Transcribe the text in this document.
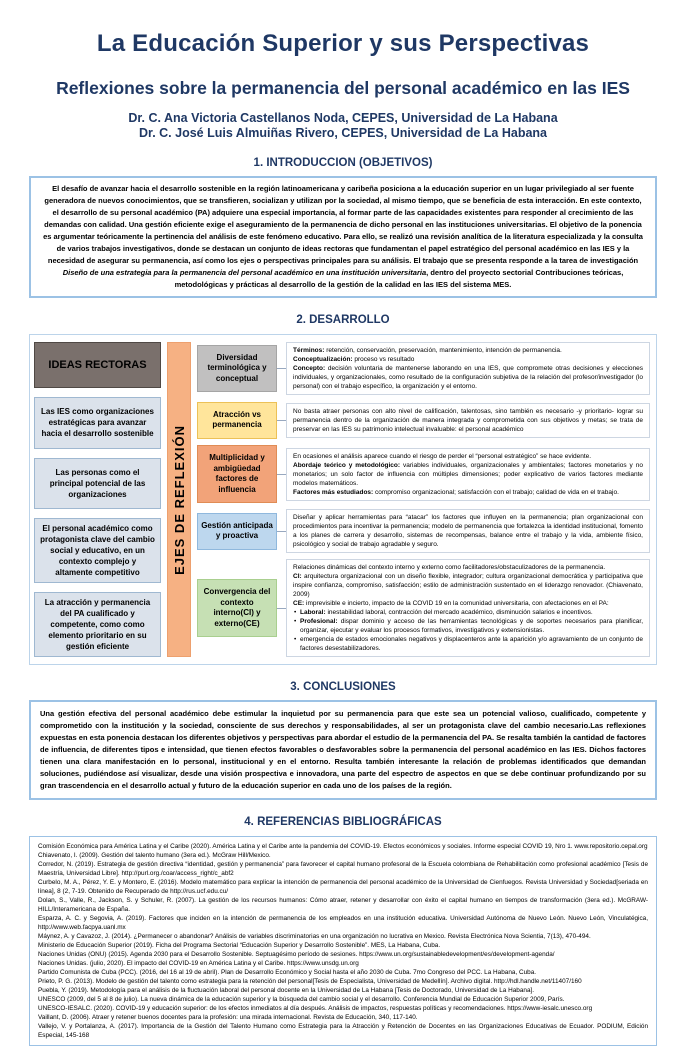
La Educación Superior y sus Perspectivas
Reflexiones sobre la permanencia del personal académico en las IES
Dr. C. Ana Victoria Castellanos Noda, CEPES, Universidad de La Habana
Dr. C. José Luis Almuiñas Rivero, CEPES, Universidad de La Habana
1. INTRODUCCION (OBJETIVOS)
El desafío de avanzar hacia el desarrollo sostenible en la región latinoamericana y caribeña posiciona a la educación superior en un lugar privilegiado al ser fuente generadora de nuevos conocimientos, que se transfieren, socializan y utilizan por la sociedad, al mismo tiempo, que se beneficia de esta interacción. En este contexto, el desarrollo de su personal académico (PA) adquiere una especial importancia, al formar parte de las capacidades existentes para responder al crecimiento de las demandas con calidad. Una gestión eficiente exige el aseguramiento de la permanencia de dicho personal en las instituciones universitarias. El objetivo de la ponencia es argumentar teóricamente la pertinencia del análisis de este fenómeno educativo. Para ello, se realizó una revisión analítica de la literatura especializada y la consulta de varios trabajos investigativos, donde se destacan un conjunto de ideas rectoras que fundamentan el papel estratégico del personal académico en las IES y la necesidad de asegurar su permanencia, así como los ejes o perspectivas principales para su análisis. El trabajo que se presenta responde a la tarea de investigación Diseño de una estrategia para la permanencia del personal académico en una institución universitaria, dentro del proyecto sectorial Contribuciones teóricas, metodológicas y prácticas al desarrollo de la gestión de la calidad en las IES del sistema MES.
2. DESARROLLO
IDEAS RECTORAS
Las IES como organizaciones estratégicas para avanzar hacia el desarrollo sostenible
Las personas como el principal potencial de las organizaciones
El personal académico como protagonista clave del cambio social y educativo, en un contexto complejo y altamente competitivo
La atracción y permanencia del PA cualificado y competente, como como elemento prioritario en su gestión eficiente
EJES DE REFLEXIÓN
Diversidad terminológica y conceptual

Términos: retención, conservación, preservación, mantenimiento, intención de permanencia.

Conceptualización: proceso vs resultado

Concepto: decisión voluntaria de mantenerse laborando en una IES, que compromete otras decisiones y elecciones individuales, y organizacionales, como resultado de la configuración subjetiva de la relación del profesor/investigador (lo personal) con el trabajo específico, la organización y el entorno.

Atracción vs permanencia

No basta atraer personas con alto nivel de calificación, talentosas, sino también es necesario -y prioritario- lograr su permanencia dentro de la organización de manera integrada y comprometida con sus objetivos y metas; se trata de preservar en las IES su patrimonio intelectual invaluable: el personal académico

Multiplicidad y ambigüedad factores de influencia

En ocasiones el análisis aparece cuando el riesgo de perder el “personal estratégico” se hace evidente.

Abordaje teórico y metodológico: variables individuales, organizacionales y ambientales; factores monetarios y no monetarios; un solo factor de influencia con múltiples dimensiones; poder explicativo de varios factores mediante modelos matemáticos.

Factores más estudiados: compromiso organizacional; satisfacción con el trabajo; calidad de vida en el trabajo.

Gestión anticipada y proactiva

Diseñar y aplicar herramientas para “atacar” los factores que influyen en la permanencia; plan organizacional con procedimientos para incentivar la permanencia; modelo de permanencia que fortalezca la identidad institucional, fomento a los planes de carrera y desarrollo, sistemas de recompensas, balance entre el trabajo y la vida, ambiente físico, psicológico y social de trabajo agradable y seguro.

Convergencia del contexto interno(CI) y externo(CE)

Relaciones dinámicas del contexto interno y externo como facilitadores/obstaculizadores de la permanencia.

CI: arquitectura organizacional con un diseño flexible, integrador; cultura organizacional democrática y participativa que inspire confianza, compromiso, satisfacción; estilo de administración sustentado en el liderazgo renovador. (Chiavenato, 2009)

CE: imprevisible e incierto, impacto de la COVID 19 en la comunidad universitaria, con afectaciones en el PA:

• Laboral: inestabilidad laboral, contracción del mercado académico, disminución salarios e incentivos.

• Profesional: dispar dominio y acceso de las herramientas tecnológicas y de soportes necesarios para planificar, organizar, ejecutar y evaluar los procesos formativos, investigativos y extensionistas.

• emergencia de estados emocionales negativos y displacenteros ante la aparición y/o agravamiento de un conjunto de factores desestabilizadores.

3. CONCLUSIONES
Una gestión efectiva del personal académico debe estimular la inquietud por su permanencia para que este sea un potencial valioso, cualificado, competente y comprometido con la institución y la sociedad, consciente de sus derechos y responsabilidades, al ser un protagonista clave del cambio necesario.Las reflexiones expuestas en esta ponencia destacan los diferentes objetivos y perspectivas para abordar el estudio de la permanencia del PA. Se resalta también la cantidad de factores de influencia, de diferentes tipos e intensidad, que tienen efectos favorables o desfavorables sobre la permanencia del personal académico en las IES. Dichos factores tienen una clara manifestación en lo personal, institucional y en el entorno. Resulta también interesante la relación de problemas identificados que demandan soluciones, pudiéndose así visualizar, desde una visión prospectiva e innovadora, una parte del espectro de aspectos en que se debe continuar profundizando por su gran trascendencia en el desarrollo actual y futuro de la educación superior en cada uno de los países de la región.
4. REFERENCIAS BIBLIOGRÁFICAS
Comisión Económica para América Latina y el Caribe (2020). América Latina y el Caribe ante la pandemia del COVID-19. Efectos económicos y sociales. Informe especial COVID 19, Nro 1. www.repositorio.cepal.org
Chiavenato, I. (2009). Gestión del talento humano (3era ed.). McGraw Hill/Mexico.
Corredor, N. (2019). Estrategia de gestión directiva “identidad, gestión y permanencia” para favorecer el capital humano profesoral de la Escuela colombiana de Rehabilitación como profesional académico [Tesis de Maestría, Universidad Libre]. http://purl.org./coar/access_right/c_abf2
Curbelo, M. A., Pérez, Y. E. y Montero, E. (2016). Modelo matemático para explicar la intención de permanencia del personal académico de la Universidad de Cienfuegos. Revista Universidad y Sociedad[seriada en línea], 8 (2, 7-19. Obtenido de Recuperado de http://rus.ucf.edu.cu/
Dolan, S., Valle, R., Jackson, S. y Schuler, R. (2007). La gestión de los recursos humanos: Cómo atraer, retener y desarrollar con éxito el capital humano en tiempos de transformación (3era ed.). McGRAW-HILL/Interamericana de España.
Esparza, A. C. y Segovia, A. (2019). Factores que inciden en la intención de permanencia de los empleados en una institución educativa. Universidad Autónoma de Nuevo León. Nuevo León, Vinculatégica, http://www.web.facpya.uanl.mx
Máynez, A. y Cavazoz, J. (2014). ¿Permanecer o abandonar? Análisis de variables discriminatorias en una organización no lucrativa en Mexico. Revista Electrónica Nova Scientia, 7(13), 470-494.
Ministerio de Educación Superior (2019). Ficha del Programa Sectorial “Educación Superior y Desarrollo Sostenible”. MES, La Habana, Cuba.
Naciones Unidas (ONU) (2015). Agenda 2030 para el Desarrollo Sostenible. Septuagésimo período de sesiones. https://www.un.org/sustainabledevelopment/es/development-agenda/
Naciones Unidas. (julio, 2020). El impacto del COVID-19 en América Latina y el Caribe. https://www.unsdg.un.org
Partido Comunista de Cuba (PCC). (2016, del 16 al 19 de abril). Plan de Desarrollo Económico y Social hasta el año 2030 de Cuba. 7mo Congreso del PCC. La Habana, Cuba.
Prieto, P. G. (2013). Modelo de gestión del talento como estrategia para la retención del personal[Tesis de Especialista, Universidad de Medellín]. Archivo digital. http://hdl.handle.net/11407/160
Puebla, Y. (2019). Metodología para el análisis de la fluctuación laboral del personal docente en la Universidad de La Habana [Tesis de Doctorado, Universidad de La Habana].
UNESCO (2009, del 5 al 8 de julio). La nueva dinámica de la educación superior y la búsqueda del cambio social y el desarrollo. Conferencia Mundial de Educación Superior 2009, París.
UNESCO-IESALC. (2020). COVID-19 y educación superior: de los efectos inmediatos al día después. Análisis de impactos, respuestas políticas y recomendaciones. https://www-iesalc.unesco.org
Vaillant, D. (2006). Atraer y retener buenos docentes para la profesión: una mirada internacional. Revista de Educación, 340, 117-140.
Vallejo, V. y Portalanza, A. (2017). Importancia de la Gestión del Talento Humano como Estrategia para la Atracción y Retención de Docentes en las Organizaciones Educativas de Ecuador. PODIUM, Edición Especial, 145-168
